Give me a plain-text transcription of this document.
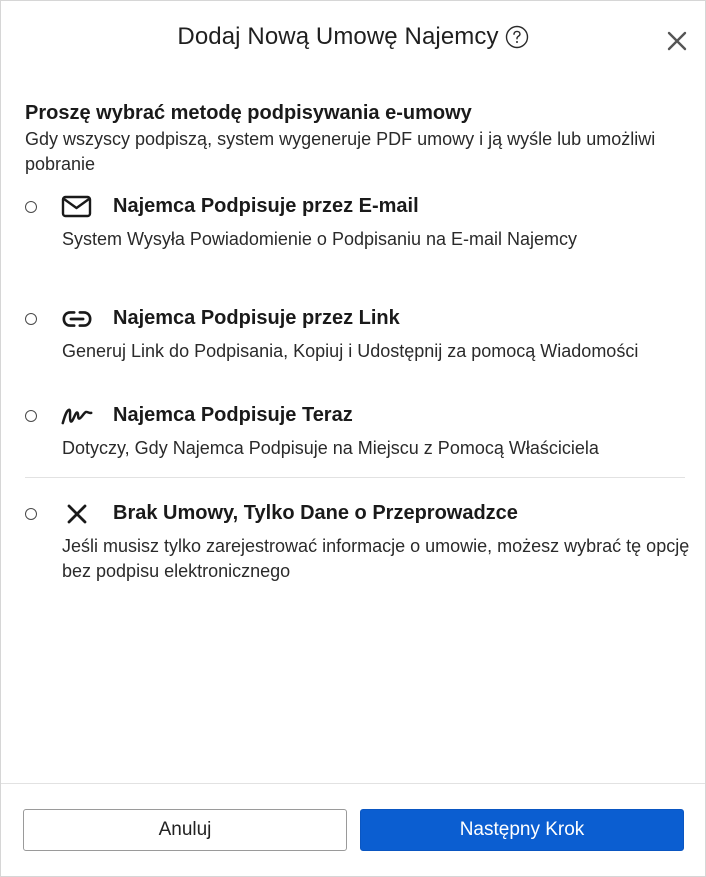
Dodaj Nową Umowę Najemcy
Proszę wybrać metodę podpisywania e-umowy
Gdy wszyscy podpiszą, system wygeneruje PDF umowy i ją wyśle lub umożliwi pobranie
Najemca Podpisuje przez E-mail
System Wysyła Powiadomienie o Podpisaniu na E-mail Najemcy
Najemca Podpisuje przez Link
Generuj Link do Podpisania, Kopiuj i Udostępnij za pomocą Wiadomości
Najemca Podpisuje Teraz
Dotyczy, Gdy Najemca Podpisuje na Miejscu z Pomocą Właściciela
Brak Umowy, Tylko Dane o Przeprowadzce
Jeśli musisz tylko zarejestrować informacje o umowie, możesz wybrać tę opcję bez podpisu elektronicznego
Anuluj	Następny Krok
